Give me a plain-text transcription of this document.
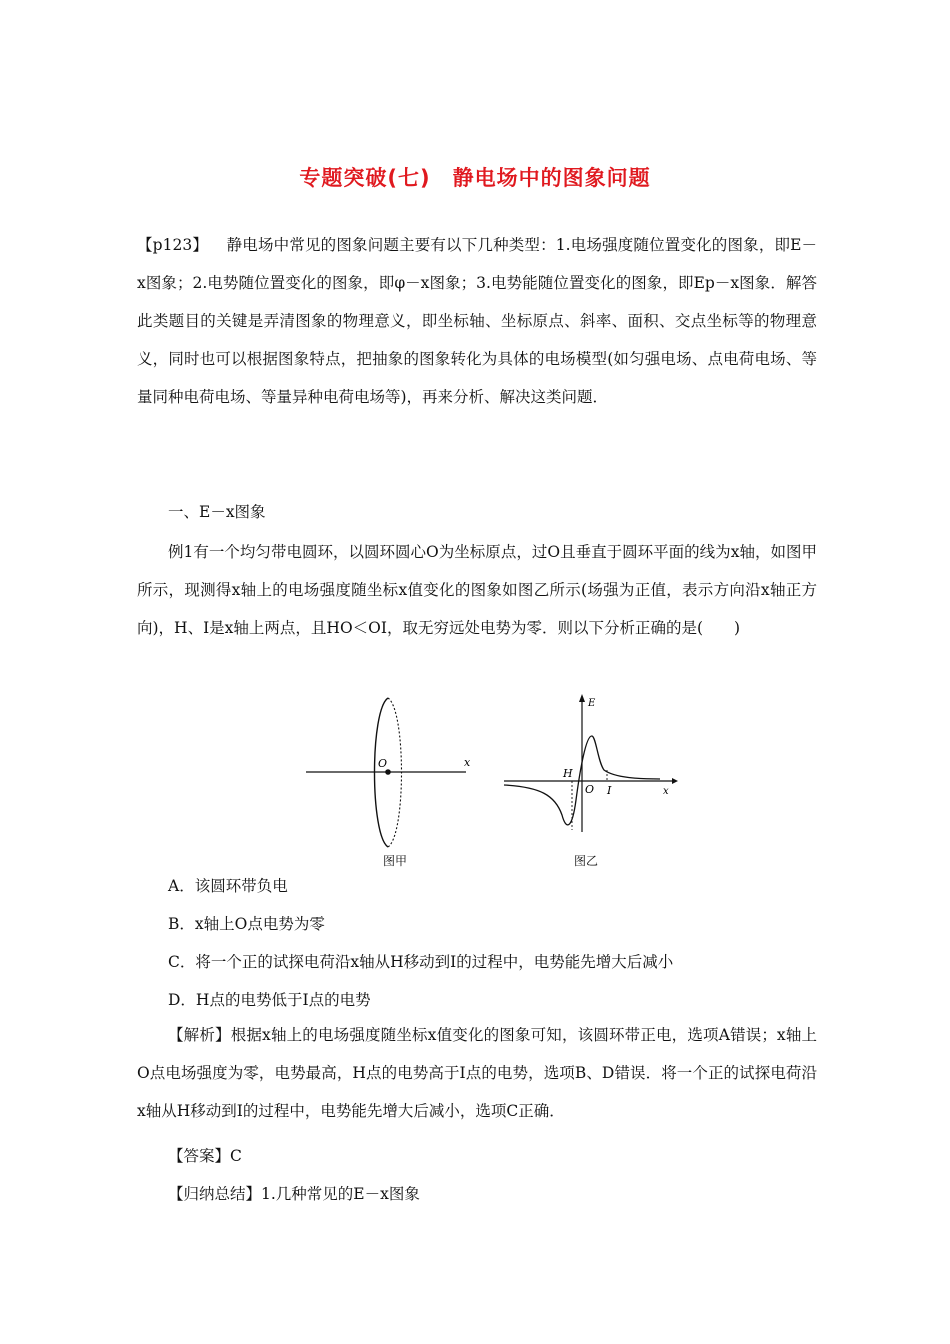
专题突破(七)　静电场中的图象问题

【p123】 静电场中常见的图象问题主要有以下几种类型：1.电场强度随位置变化的图象，即E－x图象；2.电势随位置变化的图象，即φ－x图象；3.电势能随位置变化的图象，即Ep－x图象．解答此类题目的关键是弄清图象的物理意义，即坐标轴、坐标原点、斜率、面积、交点坐标等的物理意义，同时也可以根据图象特点，把抽象的图象转化为具体的电场模型(如匀强电场、点电荷电场、等量同种电荷电场、等量异种电荷电场等)，再来分析、解决这类问题．

一、E－x图象

例1有一个均匀带电圆环，以圆环圆心O为坐标原点，过O且垂直于圆环平面的线为x轴，如图甲所示，现测得x轴上的电场强度随坐标x值变化的图象如图乙所示(场强为正值，表示方向沿x轴正方向)，H、I是x轴上两点，且HO＜OI，取无穷远处电势为零．则以下分析正确的是(　　)

O	x
图甲
E
H
O I	x
图乙

A．该圆环带负电

B．x轴上O点电势为零

C．将一个正的试探电荷沿x轴从H移动到I的过程中，电势能先增大后减小

D．H点的电势低于I点的电势

【解析】根据x轴上的电场强度随坐标x值变化的图象可知，该圆环带正电，选项A错误；x轴上O点电场强度为零，电势最高，H点的电势高于I点的电势，选项B、D错误．将一个正的试探电荷沿x轴从H移动到I的过程中，电势能先增大后减小，选项C正确．

【答案】C

【归纳总结】1.几种常见的E－x图象
